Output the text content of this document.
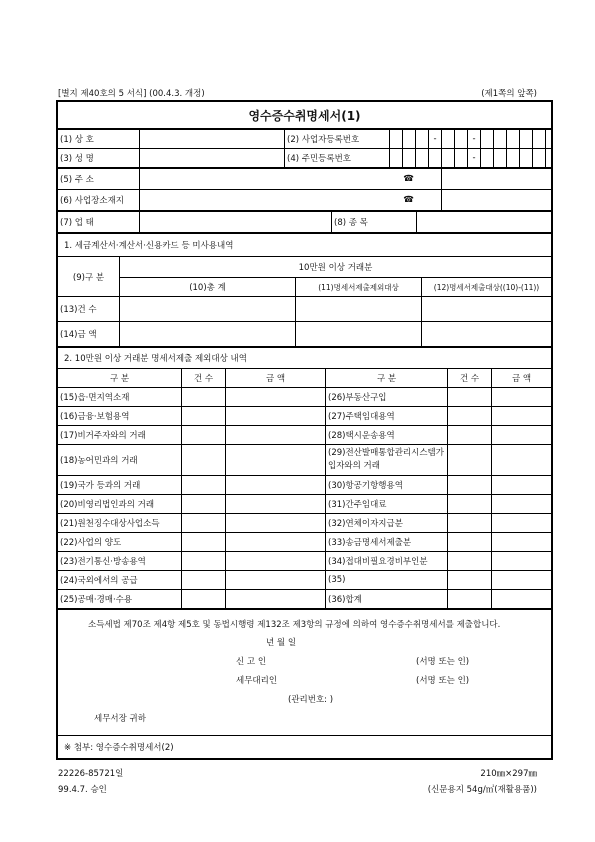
[별지 제40호의 5 서식] (00.4.3. 개정)	(제1쪽의 앞쪽)
영수증수취명세서(1)
(1) 상 호		(2) 사업자등록번호				-			-						
(3) 성 명		(4) 주민등록번호							-						
(5) 주 소	☎	
(6) 사업장소재지	☎	
(7) 업 태		(8) 종 목	
1. 세금계산서·계산서·신용카드 등 미사용내역			
(9)구 분	10만원 이상 거래분		
	(10)총 계	(11)명세서제출제외대상	(12)명세서제출대상((10)-(11))
(13)건 수			
(14)금 액			
2. 10만원 이상 거래분 명세서제출 제외대상 내역					
구 분	건 수	금 액	구 분	건 수	금 액
(15)읍·면지역소재			(26)부동산구입		
(16)금융·보험용역			(27)주택임대용역		
(17)비거주자와의 거래			(28)택시운송용역		
(18)농어민과의 거래			(29)전산발매통합관리시스템가입자와의 거래		
(19)국가 등과의 거래			(30)항공기항행용역		
(20)비영리법인과의 거래			(31)간주임대료		
(21)원천징수대상사업소득			(32)연체이자지급분		
(22)사업의 양도			(33)송금명세서제출분		
(23)전기통신·방송용역			(34)접대비필요경비부인분		
(24)국외에서의 공급			(35)		
(25)공매·경매·수용			(36)합계		
소득세법 제70조 제4항 제5호 및 동법시행령 제132조 제3항의 규정에 의하여 영수증수취명세서를 제출합니다.
년 월 일
신 고 인	(서명 또는 인)
세무대리인	(서명 또는 인)
(관리번호: )
세무서장 귀하

※ 첨부: 영수증수취명세서(2)
22226-85721일
99.4.7. 승인
210㎜×297㎜
(신문용지 54g/㎡(재활용품))
